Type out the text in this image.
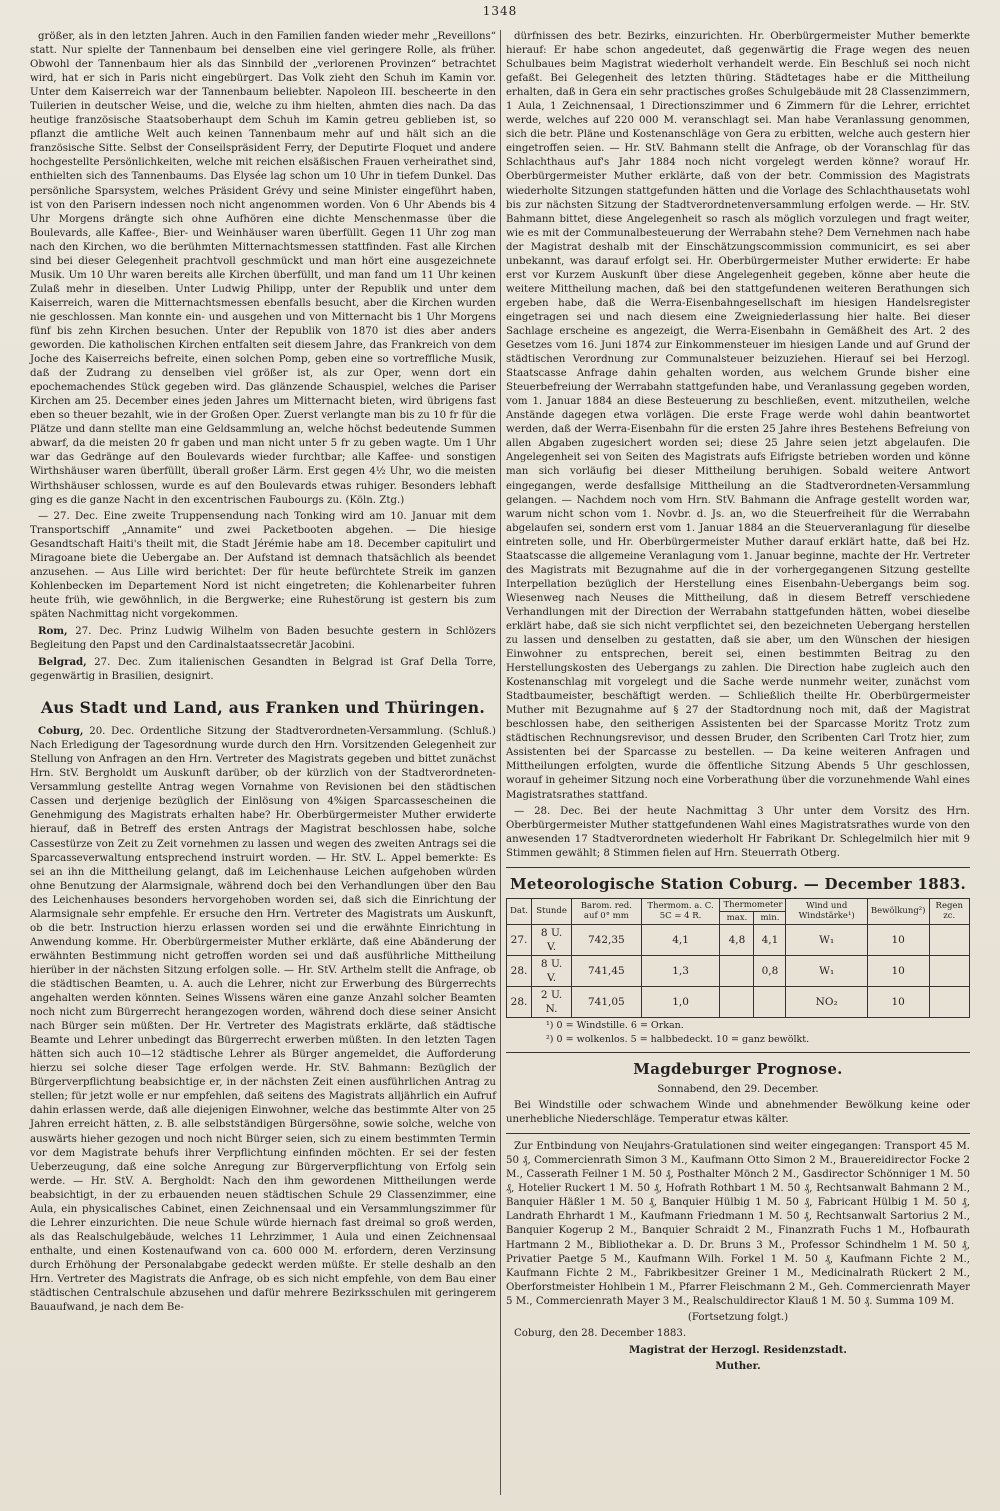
1348

größer, als in den letzten Jahren. Auch in den Familien fanden wieder mehr „Reveillons“ statt. Nur spielte der Tannenbaum bei denselben eine viel geringere Rolle, als früher. Obwohl der Tannenbaum hier als das Sinnbild der „verlorenen Provinzen“ betrachtet wird, hat er sich in Paris nicht eingebürgert. Das Volk zieht den Schuh im Kamin vor. Unter dem Kaiserreich war der Tannenbaum beliebter. Napoleon III. bescheerte in den Tuilerien in deutscher Weise, und die, welche zu ihm hielten, ahmten dies nach. Da das heutige französische Staatsoberhaupt dem Schuh im Kamin getreu geblieben ist, so pflanzt die amtliche Welt auch keinen Tannenbaum mehr auf und hält sich an die französische Sitte. Selbst der Conseilspräsident Ferry, der Deputirte Floquet und andere hochgestellte Persönlichkeiten, welche mit reichen elsäßischen Frauen verheirathet sind, enthielten sich des Tannenbaums. Das Elysée lag schon um 10 Uhr in tiefem Dunkel. Das persönliche Sparsystem, welches Präsident Grévy und seine Minister eingeführt haben, ist von den Parisern indessen noch nicht angenommen worden. Von 6 Uhr Abends bis 4 Uhr Morgens drängte sich ohne Aufhören eine dichte Menschenmasse über die Boulevards, alle Kaffee-, Bier- und Weinhäuser waren überfüllt. Gegen 11 Uhr zog man nach den Kirchen, wo die berühmten Mitternachtsmessen stattfinden. Fast alle Kirchen sind bei dieser Gelegenheit prachtvoll geschmückt und man hört eine ausgezeichnete Musik. Um 10 Uhr waren bereits alle Kirchen überfüllt, und man fand um 11 Uhr keinen Zulaß mehr in dieselben. Unter Ludwig Philipp, unter der Republik und unter dem Kaiserreich, waren die Mitternachtsmessen ebenfalls besucht, aber die Kirchen wurden nie geschlossen. Man konnte ein- und ausgehen und von Mitternacht bis 1 Uhr Morgens fünf bis zehn Kirchen besuchen. Unter der Republik von 1870 ist dies aber anders geworden. Die katholischen Kirchen entfalten seit diesem Jahre, das Frankreich von dem Joche des Kaiserreichs befreite, einen solchen Pomp, geben eine so vortreffliche Musik, daß der Zudrang zu denselben viel größer ist, als zur Oper, wenn dort ein epochemachendes Stück gegeben wird. Das glänzende Schauspiel, welches die Pariser Kirchen am 25. December eines jeden Jahres um Mitternacht bieten, wird übrigens fast eben so theuer bezahlt, wie in der Großen Oper. Zuerst verlangte man bis zu 10 fr für die Plätze und dann stellte man eine Geldsammlung an, welche höchst bedeutende Summen abwarf, da die meisten 20 fr gaben und man nicht unter 5 fr zu geben wagte. Um 1 Uhr war das Gedränge auf den Boulevards wieder furchtbar; alle Kaffee- und sonstigen Wirthshäuser waren überfüllt, überall großer Lärm. Erst gegen 4½ Uhr, wo die meisten Wirthshäuser schlossen, wurde es auf den Boulevards etwas ruhiger. Besonders lebhaft ging es die ganze Nacht in den excentrischen Faubourgs zu. (Köln. Ztg.)

— 27. Dec. Eine zweite Truppensendung nach Tonking wird am 10. Januar mit dem Transportschiff „Annamite“ und zwei Packetbooten abgehen. — Die hiesige Gesandtschaft Haiti's theilt mit, die Stadt Jérémie habe am 18. December capitulirt und Miragoane biete die Uebergabe an. Der Aufstand ist demnach thatsächlich als beendet anzusehen. — Aus Lille wird berichtet: Der für heute befürchtete Streik im ganzen Kohlenbecken im Departement Nord ist nicht eingetreten; die Kohlenarbeiter fuhren heute früh, wie gewöhnlich, in die Bergwerke; eine Ruhestörung ist gestern bis zum späten Nachmittag nicht vorgekommen.

Rom, 27. Dec. Prinz Ludwig Wilhelm von Baden besuchte gestern in Schlözers Begleitung den Papst und den Cardinalstaatssecretär Jacobini.

Belgrad, 27. Dec. Zum italienischen Gesandten in Belgrad ist Graf Della Torre, gegenwärtig in Brasilien, designirt.

Aus Stadt und Land, aus Franken und Thüringen.

Coburg, 20. Dec. Ordentliche Sitzung der Stadtverordneten-Versammlung. (Schluß.) Nach Erledigung der Tagesordnung wurde durch den Hrn. Vorsitzenden Gelegenheit zur Stellung von Anfragen an den Hrn. Vertreter des Magistrats gegeben und bittet zunächst Hrn. StV. Bergholdt um Auskunft darüber, ob der kürzlich von der Stadtverordneten-Versammlung gestellte Antrag wegen Vornahme von Revisionen bei den städtischen Cassen und derjenige bezüglich der Einlösung von 4%igen Sparcassescheinen die Genehmigung des Magistrats erhalten habe? Hr. Oberbürgermeister Muther erwiderte hierauf, daß in Betreff des ersten Antrags der Magistrat beschlossen habe, solche Cassestürze von Zeit zu Zeit vornehmen zu lassen und wegen des zweiten Antrags sei die Sparcasseverwaltung entsprechend instruirt worden. — Hr. StV. L. Appel bemerkte: Es sei an ihn die Mittheilung gelangt, daß im Leichenhause Leichen aufgehoben würden ohne Benutzung der Alarmsignale, während doch bei den Verhandlungen über den Bau des Leichenhauses besonders hervorgehoben worden sei, daß sich die Einrichtung der Alarmsignale sehr empfehle. Er ersuche den Hrn. Vertreter des Magistrats um Auskunft, ob die betr. Instruction hierzu erlassen worden sei und die erwähnte Einrichtung in Anwendung komme. Hr. Oberbürgermeister Muther erklärte, daß eine Abänderung der erwähnten Bestimmung nicht getroffen worden sei und daß ausführliche Mittheilung hierüber in der nächsten Sitzung erfolgen solle. — Hr. StV. Arthelm stellt die Anfrage, ob die städtischen Beamten, u. A. auch die Lehrer, nicht zur Erwerbung des Bürgerrechts angehalten werden könnten. Seines Wissens wären eine ganze Anzahl solcher Beamten noch nicht zum Bürgerrecht herangezogen worden, während doch diese seiner Ansicht nach Bürger sein müßten. Der Hr. Vertreter des Magistrats erklärte, daß städtische Beamte und Lehrer unbedingt das Bürgerrecht erwerben müßten. In den letzten Tagen hätten sich auch 10—12 städtische Lehrer als Bürger angemeldet, die Aufforderung hierzu sei solche dieser Tage erfolgen werde. Hr. StV. Bahmann: Bezüglich der Bürgerverpflichtung beabsichtige er, in der nächsten Zeit einen ausführlichen Antrag zu stellen; für jetzt wolle er nur empfehlen, daß seitens des Magistrats alljährlich ein Aufruf dahin erlassen werde, daß alle diejenigen Einwohner, welche das bestimmte Alter von 25 Jahren erreicht hätten, z. B. alle selbstständigen Bürgersöhne, sowie solche, welche von auswärts hieher gezogen und noch nicht Bürger seien, sich zu einem bestimmten Termin vor dem Magistrate behufs ihrer Verpflichtung einfinden möchten. Er sei der festen Ueberzeugung, daß eine solche Anregung zur Bürgerverpflichtung von Erfolg sein werde. — Hr. StV. A. Bergholdt: Nach den ihm gewordenen Mittheilungen werde beabsichtigt, in der zu erbauenden neuen städtischen Schule 29 Classenzimmer, eine Aula, ein physicalisches Cabinet, einen Zeichnensaal und ein Versammlungszimmer für die Lehrer einzurichten. Die neue Schule würde hiernach fast dreimal so groß werden, als das Realschulgebäude, welches 11 Lehrzimmer, 1 Aula und einen Zeichnensaal enthalte, und einen Kostenaufwand von ca. 600 000 M. erfordern, deren Verzinsung durch Erhöhung der Personalabgabe gedeckt werden müßte. Er stelle deshalb an den Hrn. Vertreter des Magistrats die Anfrage, ob es sich nicht empfehle, von dem Bau einer städtischen Centralschule abzusehen und dafür mehrere Bezirksschulen mit geringerem Bauaufwand, je nach dem Be-

dürfnissen des betr. Bezirks, einzurichten. Hr. Oberbürgermeister Muther bemerkte hierauf: Er habe schon angedeutet, daß gegenwärtig die Frage wegen des neuen Schulbaues beim Magistrat wiederholt verhandelt werde. Ein Beschluß sei noch nicht gefaßt. Bei Gelegenheit des letzten thüring. Städtetages habe er die Mittheilung erhalten, daß in Gera ein sehr practisches großes Schulgebäude mit 28 Classenzimmern, 1 Aula, 1 Zeichnensaal, 1 Directionszimmer und 6 Zimmern für die Lehrer, errichtet werde, welches auf 220 000 M. veranschlagt sei. Man habe Veranlassung genommen, sich die betr. Pläne und Kostenanschläge von Gera zu erbitten, welche auch gestern hier eingetroffen seien. — Hr. StV. Bahmann stellt die Anfrage, ob der Voranschlag für das Schlachthaus auf's Jahr 1884 noch nicht vorgelegt werden könne? worauf Hr. Oberbürgermeister Muther erklärte, daß von der betr. Commission des Magistrats wiederholte Sitzungen stattgefunden hätten und die Vorlage des Schlachthausetats wohl bis zur nächsten Sitzung der Stadtverordnetenversammlung erfolgen werde. — Hr. StV. Bahmann bittet, diese Angelegenheit so rasch als möglich vorzulegen und fragt weiter, wie es mit der Communalbesteuerung der Werrabahn stehe? Dem Vernehmen nach habe der Magistrat deshalb mit der Einschätzungscommission communicirt, es sei aber unbekannt, was darauf erfolgt sei. Hr. Oberbürgermeister Muther erwiderte: Er habe erst vor Kurzem Auskunft über diese Angelegenheit gegeben, könne aber heute die weitere Mittheilung machen, daß bei den stattgefundenen weiteren Berathungen sich ergeben habe, daß die Werra-Eisenbahngesellschaft im hiesigen Handelsregister eingetragen sei und nach diesem eine Zweigniederlassung hier halte. Bei dieser Sachlage erscheine es angezeigt, die Werra-Eisenbahn in Gemäßheit des Art. 2 des Gesetzes vom 16. Juni 1874 zur Einkommensteuer im hiesigen Lande und auf Grund der städtischen Verordnung zur Communalsteuer beizuziehen. Hierauf sei bei Herzogl. Staatscasse Anfrage dahin gehalten worden, aus welchem Grunde bisher eine Steuerbefreiung der Werrabahn stattgefunden habe, und Veranlassung gegeben worden, vom 1. Januar 1884 an diese Besteuerung zu beschließen, event. mitzutheilen, welche Anstände dagegen etwa vorlägen. Die erste Frage werde wohl dahin beantwortet werden, daß der Werra-Eisenbahn für die ersten 25 Jahre ihres Bestehens Befreiung von allen Abgaben zugesichert worden sei; diese 25 Jahre seien jetzt abgelaufen. Die Angelegenheit sei von Seiten des Magistrats aufs Eifrigste betrieben worden und könne man sich vorläufig bei dieser Mittheilung beruhigen. Sobald weitere Antwort eingegangen, werde desfallsige Mittheilung an die Stadtverordneten-Versammlung gelangen. — Nachdem noch vom Hrn. StV. Bahmann die Anfrage gestellt worden war, warum nicht schon vom 1. Novbr. d. Js. an, wo die Steuerfreiheit für die Werrabahn abgelaufen sei, sondern erst vom 1. Januar 1884 an die Steuerveranlagung für dieselbe eintreten solle, und Hr. Oberbürgermeister Muther darauf erklärt hatte, daß bei Hz. Staatscasse die allgemeine Veranlagung vom 1. Januar beginne, machte der Hr. Vertreter des Magistrats mit Bezugnahme auf die in der vorhergegangenen Sitzung gestellte Interpellation bezüglich der Herstellung eines Eisenbahn-Uebergangs beim sog. Wiesenweg nach Neuses die Mittheilung, daß in diesem Betreff verschiedene Verhandlungen mit der Direction der Werrabahn stattgefunden hätten, wobei dieselbe erklärt habe, daß sie sich nicht verpflichtet sei, den bezeichneten Uebergang herstellen zu lassen und denselben zu gestatten, daß sie aber, um den Wünschen der hiesigen Einwohner zu entsprechen, bereit sei, einen bestimmten Beitrag zu den Herstellungskosten des Uebergangs zu zahlen. Die Direction habe zugleich auch den Kostenanschlag mit vorgelegt und die Sache werde nunmehr weiter, zunächst vom Stadtbaumeister, beschäftigt werden. — Schließlich theilte Hr. Oberbürgermeister Muther mit Bezugnahme auf § 27 der Stadtordnung noch mit, daß der Magistrat beschlossen habe, den seitherigen Assistenten bei der Sparcasse Moritz Trotz zum städtischen Rechnungsrevisor, und dessen Bruder, den Scribenten Carl Trotz hier, zum Assistenten bei der Sparcasse zu bestellen. — Da keine weiteren Anfragen und Mittheilungen erfolgten, wurde die öffentliche Sitzung Abends 5 Uhr geschlossen, worauf in geheimer Sitzung noch eine Vorberathung über die vorzunehmende Wahl eines Magistratsrathes stattfand.

— 28. Dec. Bei der heute Nachmittag 3 Uhr unter dem Vorsitz des Hrn. Oberbürgermeister Muther stattgefundenen Wahl eines Magistratsrathes wurde von den anwesenden 17 Stadtverordneten wiederholt Hr Fabrikant Dr. Schlegelmilch hier mit 9 Stimmen gewählt; 8 Stimmen fielen auf Hrn. Steuerrath Otberg.

Meteorologische Station Coburg. — December 1883.
Dat.	Stunde	Barom. red. auf 0° mm	Thermom. a. C. 5C = 4 R.	Thermometer		Wind und Windstärke¹)	Bewölkung²)	Regen zc.
				max.	min.			
27.	8 U. V.	742,35	4,1	4,8	4,1	W₁	10	
28.	8 U. V.	741,45	1,3		0,8	W₁	10	
28.	2 U. N.	741,05	1,0			NO₂	10	
¹) 0 = Windstille. 6 = Orkan.
²) 0 = wolkenlos. 5 = halbbedeckt. 10 = ganz bewölkt.
Magdeburger Prognose.

Sonnabend, den 29. December.

Bei Windstille oder schwachem Winde und abnehmender Bewölkung keine oder unerhebliche Niederschläge. Temperatur etwas kälter.

Zur Entbindung von Neujahrs-Gratulationen sind weiter eingegangen: Transport 45 M. 50 ₰, Commercienrath Simon 3 M., Kaufmann Otto Simon 2 M., Brauereidirector Focke 2 M., Casserath Feilner 1 M. 50 ₰, Posthalter Mönch 2 M., Gasdirector Schönniger 1 M. 50 ₰, Hotelier Ruckert 1 M. 50 ₰, Hofrath Rothbart 1 M. 50 ₰, Rechtsanwalt Bahmann 2 M., Banquier Häßler 1 M. 50 ₰, Banquier Hülbig 1 M. 50 ₰, Fabricant Hülbig 1 M. 50 ₰, Landrath Ehrhardt 1 M., Kaufmann Friedmann 1 M. 50 ₰, Rechtsanwalt Sartorius 2 M., Banquier Kogerup 2 M., Banquier Schraidt 2 M., Finanzrath Fuchs 1 M., Hofbaurath Hartmann 2 M., Bibliothekar a. D. Dr. Bruns 3 M., Professor Schindhelm 1 M. 50 ₰, Privatier Paetge 5 M., Kaufmann Wilh. Forkel 1 M. 50 ₰, Kaufmann Fichte 2 M., Kaufmann Fichte 2 M., Fabrikbesitzer Greiner 1 M., Medicinalrath Rückert 2 M., Oberforstmeister Hohlbein 1 M., Pfarrer Fleischmann 2 M., Geh. Commercienrath Mayer 5 M., Commercienrath Mayer 3 M., Realschuldirector Klauß 1 M. 50 ₰. Summa 109 M.

(Fortsetzung folgt.)

Coburg, den 28. December 1883.

Magistrat der Herzogl. Residenzstadt.

Muther.
